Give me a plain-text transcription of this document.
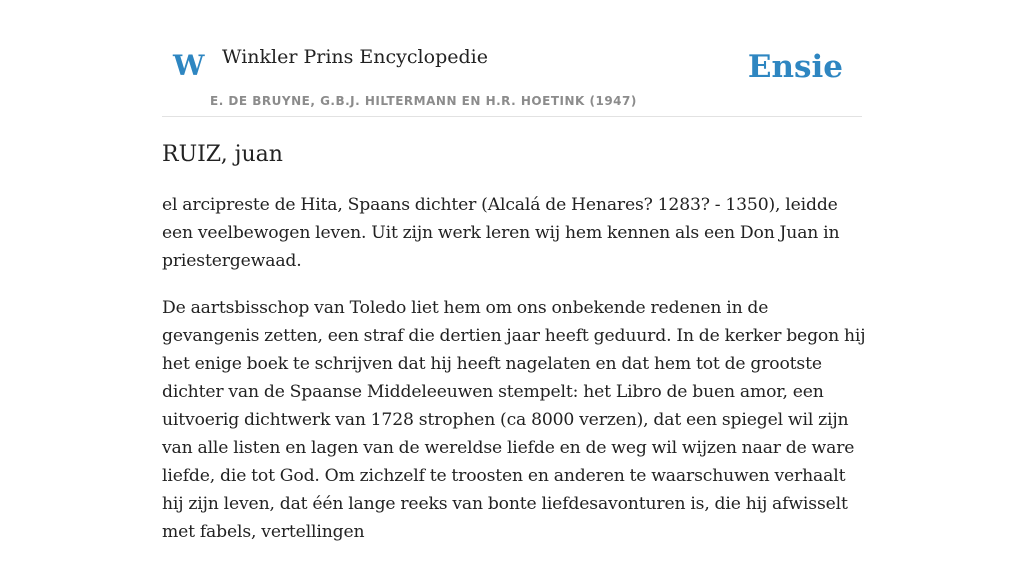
W Winkler Prins Encyclopedie
E. DE BRUYNE, G.B.J. HILTERMANN EN H.R. HOETINK (1947)
Ensie
RUIZ, juan

el arcipreste de Hita, Spaans dichter (Alcalá de Henares? 1283? - 1350), leidde een veelbewogen leven. Uit zijn werk leren wij hem kennen als een Don Juan in priestergewaad.

De aartsbisschop van Toledo liet hem om ons onbekende redenen in de gevangenis zetten, een straf die dertien jaar heeft geduurd. In de kerker begon hij het enige boek te schrijven dat hij heeft nagelaten en dat hem tot de grootste dichter van de Spaanse Middeleeuwen stempelt: het Libro de buen amor, een uitvoerig dichtwerk van 1728 strophen (ca 8000 verzen), dat een spiegel wil zijn van alle listen en lagen van de wereldse liefde en de weg wil wijzen naar de ware liefde, die tot God. Om zichzelf te troosten en anderen te waarschuwen verhaalt hij zijn leven, dat één lange reeks van bonte liefdesavonturen is, die hij afwisselt met fabels, vertellingen
